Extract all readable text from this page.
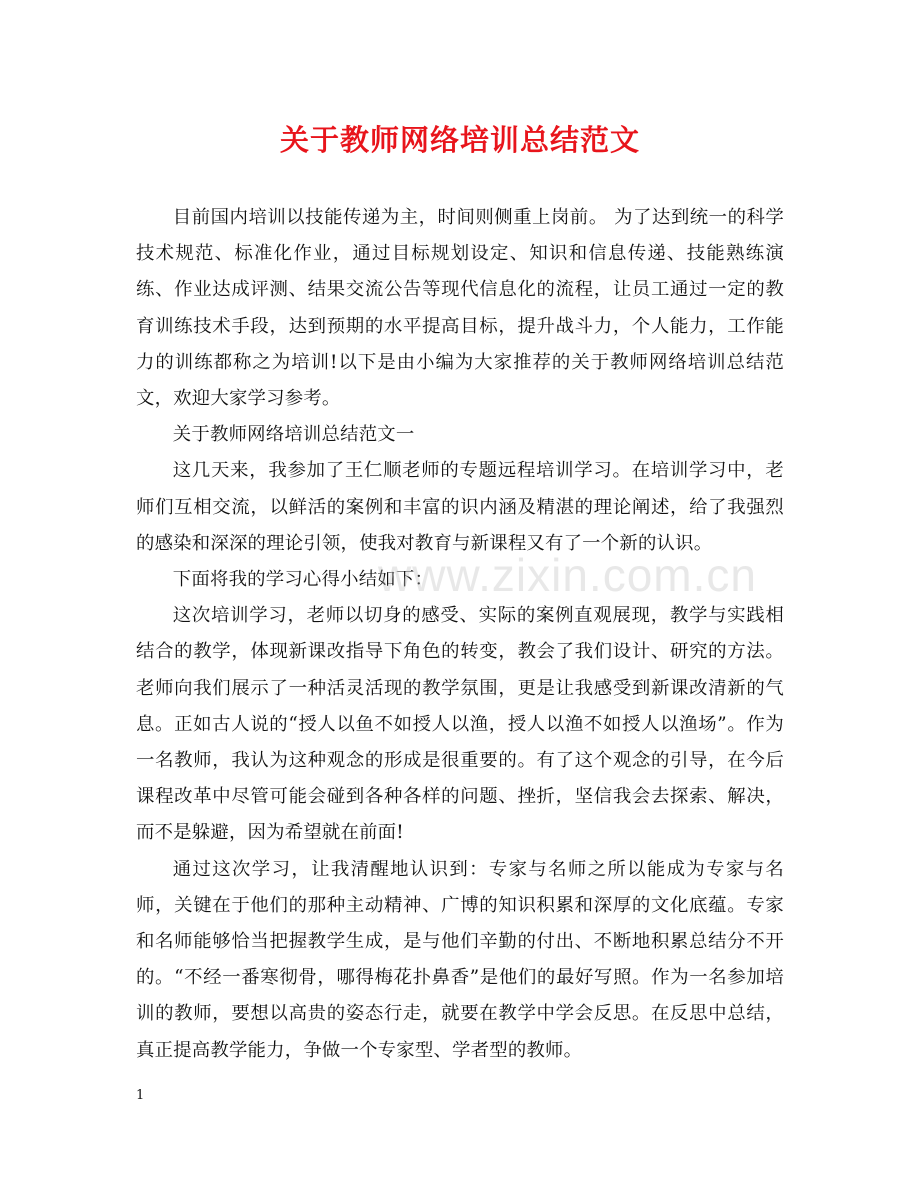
关于教师网络培训总结范文

目前国内培训以技能传递为主，时间则侧重上岗前。 为了达到统一的科学技术规范、标准化作业，通过目标规划设定、知识和信息传递、技能熟练演练、作业达成评测、结果交流公告等现代信息化的流程，让员工通过一定的教育训练技术手段，达到预期的水平提高目标，提升战斗力，个人能力，工作能力的训练都称之为培训!以下是由小编为大家推荐的关于教师网络培训总结范文，欢迎大家学习参考。

关于教师网络培训总结范文一

这几天来，我参加了王仁顺老师的专题远程培训学习。在培训学习中，老师们互相交流，以鲜活的案例和丰富的识内涵及精湛的理论阐述，给了我强烈的感染和深深的理论引领，使我对教育与新课程又有了一个新的认识。

下面将我的学习心得小结如下：

这次培训学习，老师以切身的感受、实际的案例直观展现，教学与实践相结合的教学，体现新课改指导下角色的转变，教会了我们设计、研究的方法。老师向我们展示了一种活灵活现的教学氛围，更是让我感受到新课改清新的气息。正如古人说的“授人以鱼不如授人以渔，授人以渔不如授人以渔场”。作为一名教师，我认为这种观念的形成是很重要的。有了这个观念的引导，在今后课程改革中尽管可能会碰到各种各样的问题、挫折，坚信我会去探索、解决，而不是躲避，因为希望就在前面!

通过这次学习，让我清醒地认识到：专家与名师之所以能成为专家与名师，关键在于他们的那种主动精神、广博的知识积累和深厚的文化底蕴。专家和名师能够恰当把握教学生成，是与他们辛勤的付出、不断地积累总结分不开的。“不经一番寒彻骨，哪得梅花扑鼻香”是他们的最好写照。作为一名参加培训的教师，要想以高贵的姿态行走，就要在教学中学会反思。在反思中总结，真正提高教学能力，争做一个专家型、学者型的教师。

www.zixin.com.cn
1
